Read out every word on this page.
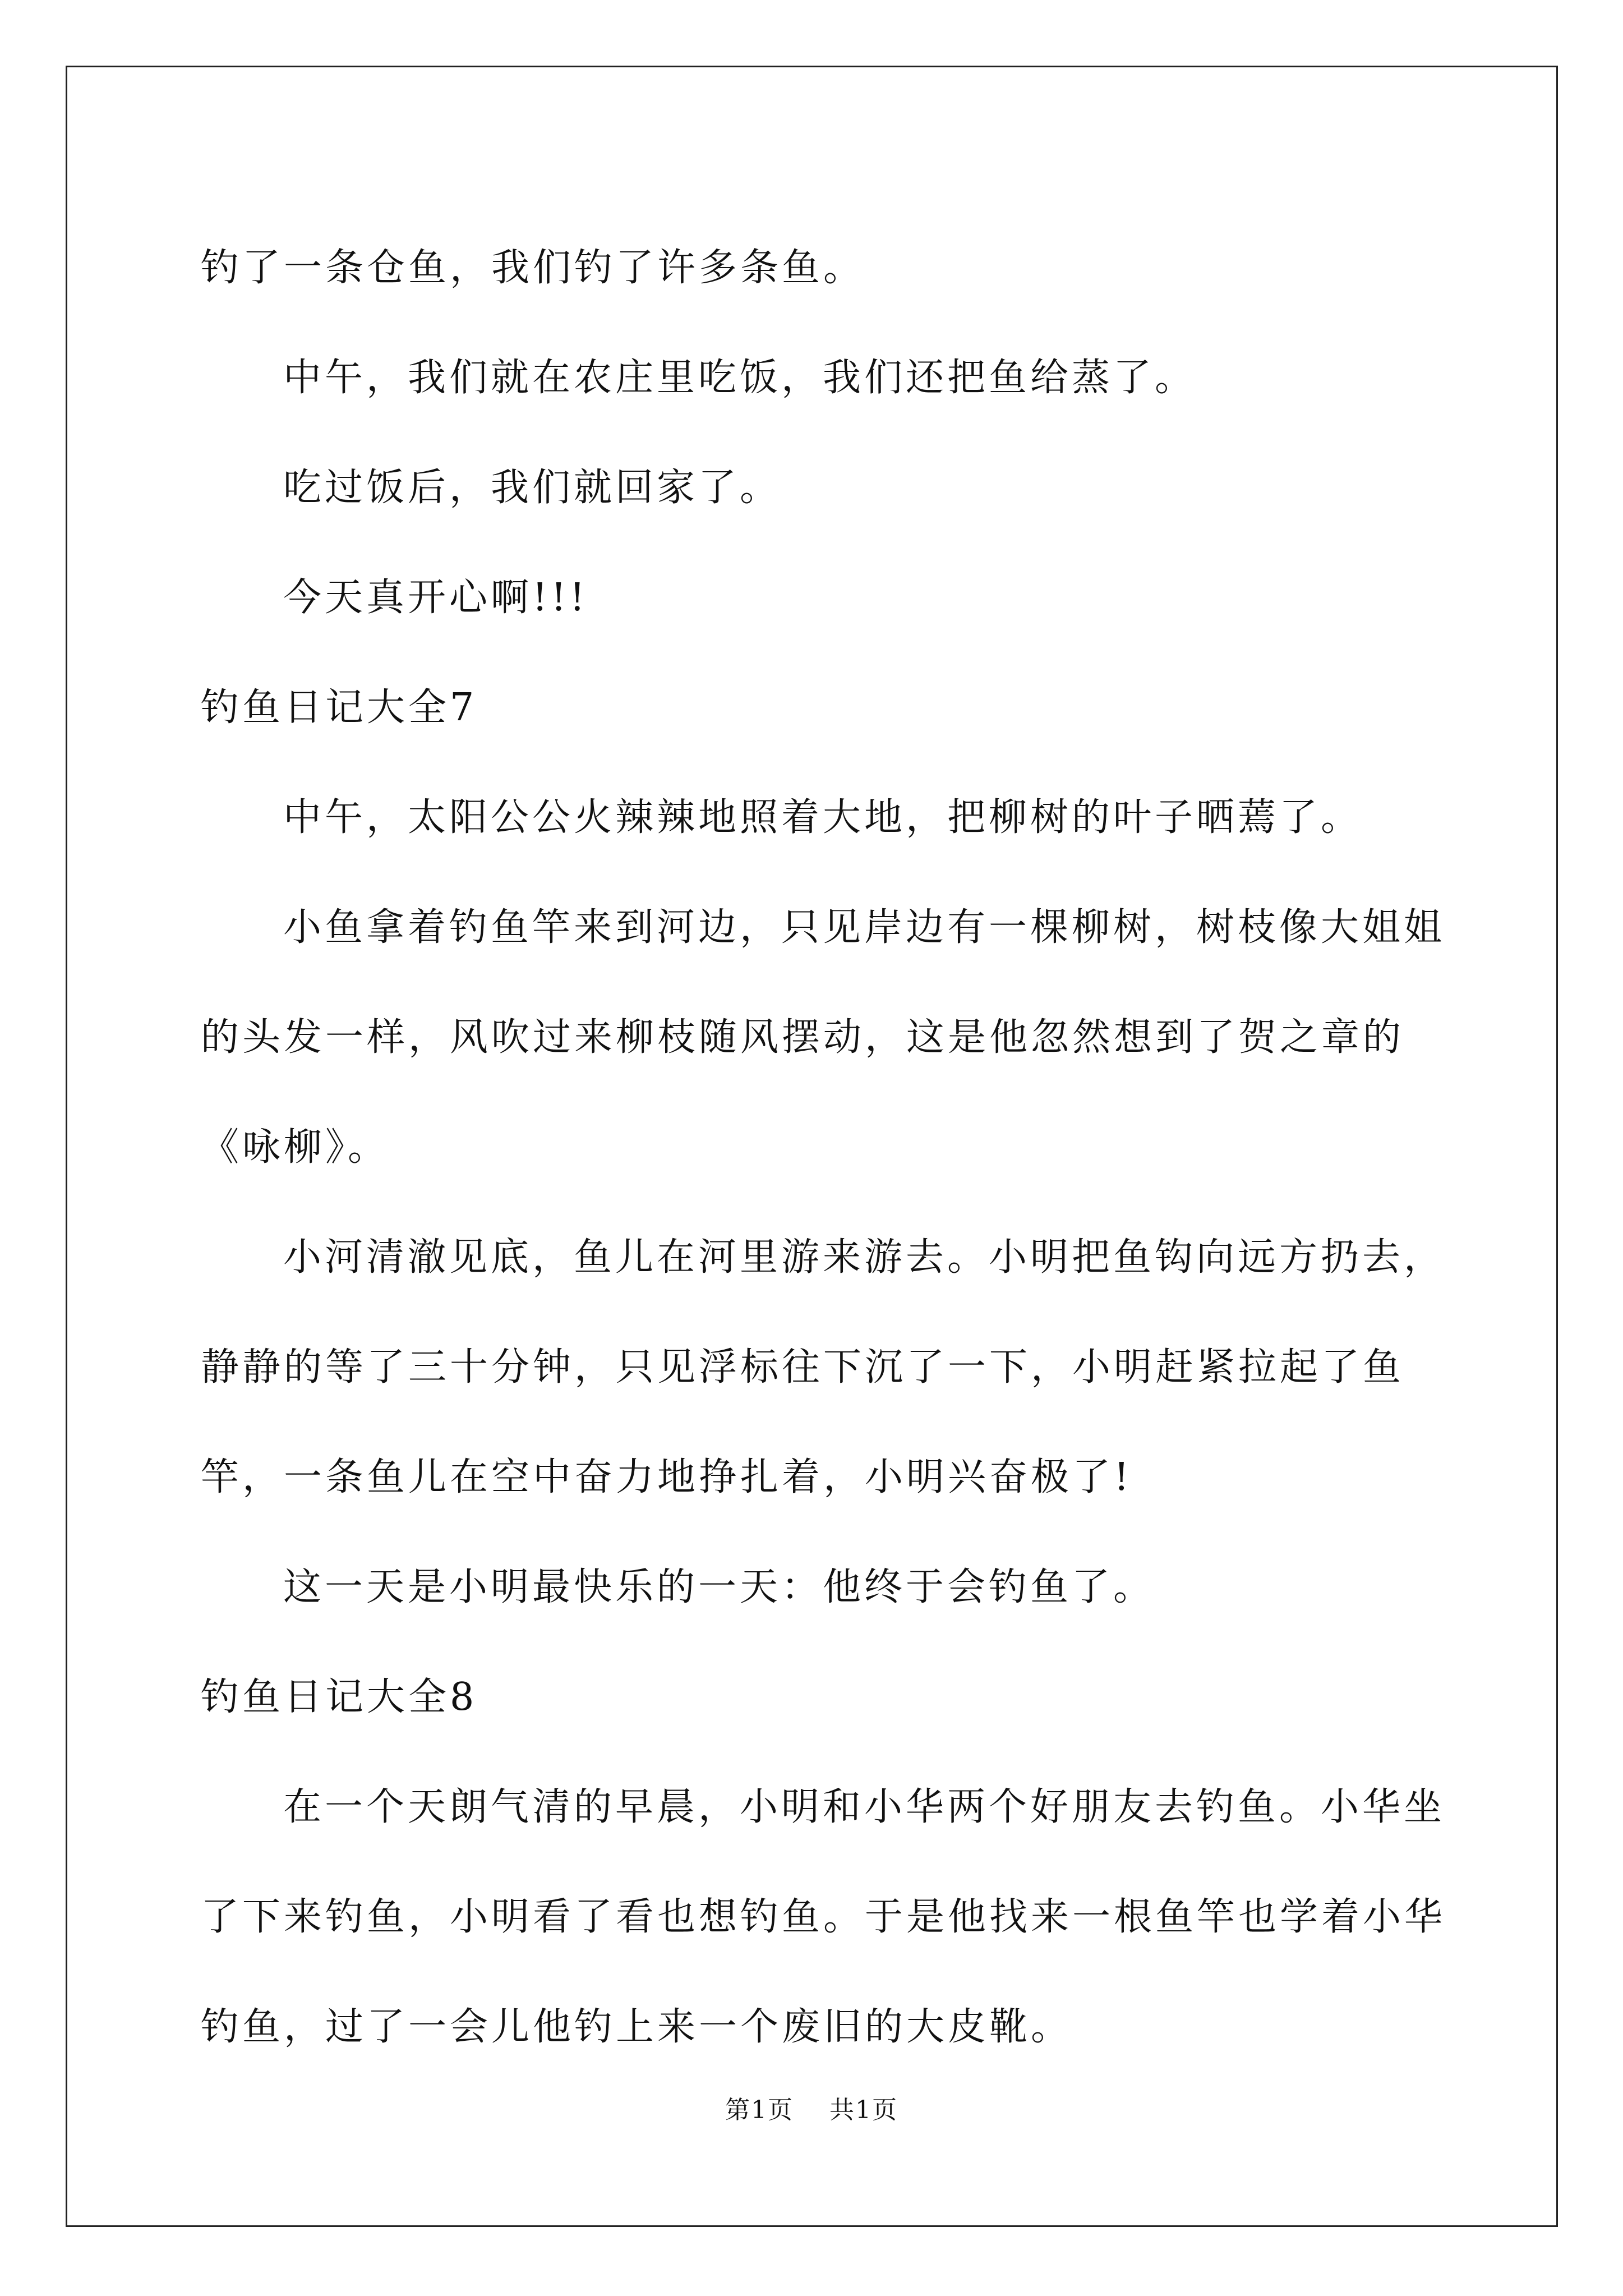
钓了一条仓鱼，我们钓了许多条鱼。

中午，我们就在农庄里吃饭，我们还把鱼给蒸了。

吃过饭后，我们就回家了。

今天真开心啊!!!

钓鱼日记大全7

中午，太阳公公火辣辣地照着大地，把柳树的叶子晒蔫了。

小鱼拿着钓鱼竿来到河边，只见岸边有一棵柳树，树枝像大姐姐的头发一样，风吹过来柳枝随风摆动，这是他忽然想到了贺之章的《咏柳》。

小河清澈见底，鱼儿在河里游来游去。小明把鱼钩向远方扔去，静静的等了三十分钟，只见浮标往下沉了一下，小明赶紧拉起了鱼竿，一条鱼儿在空中奋力地挣扎着，小明兴奋极了!

这一天是小明最快乐的一天：他终于会钓鱼了。

钓鱼日记大全8

在一个天朗气清的早晨，小明和小华两个好朋友去钓鱼。小华坐了下来钓鱼，小明看了看也想钓鱼。于是他找来一根鱼竿也学着小华钓鱼，过了一会儿他钓上来一个废旧的大皮靴。

第1页 共1页
